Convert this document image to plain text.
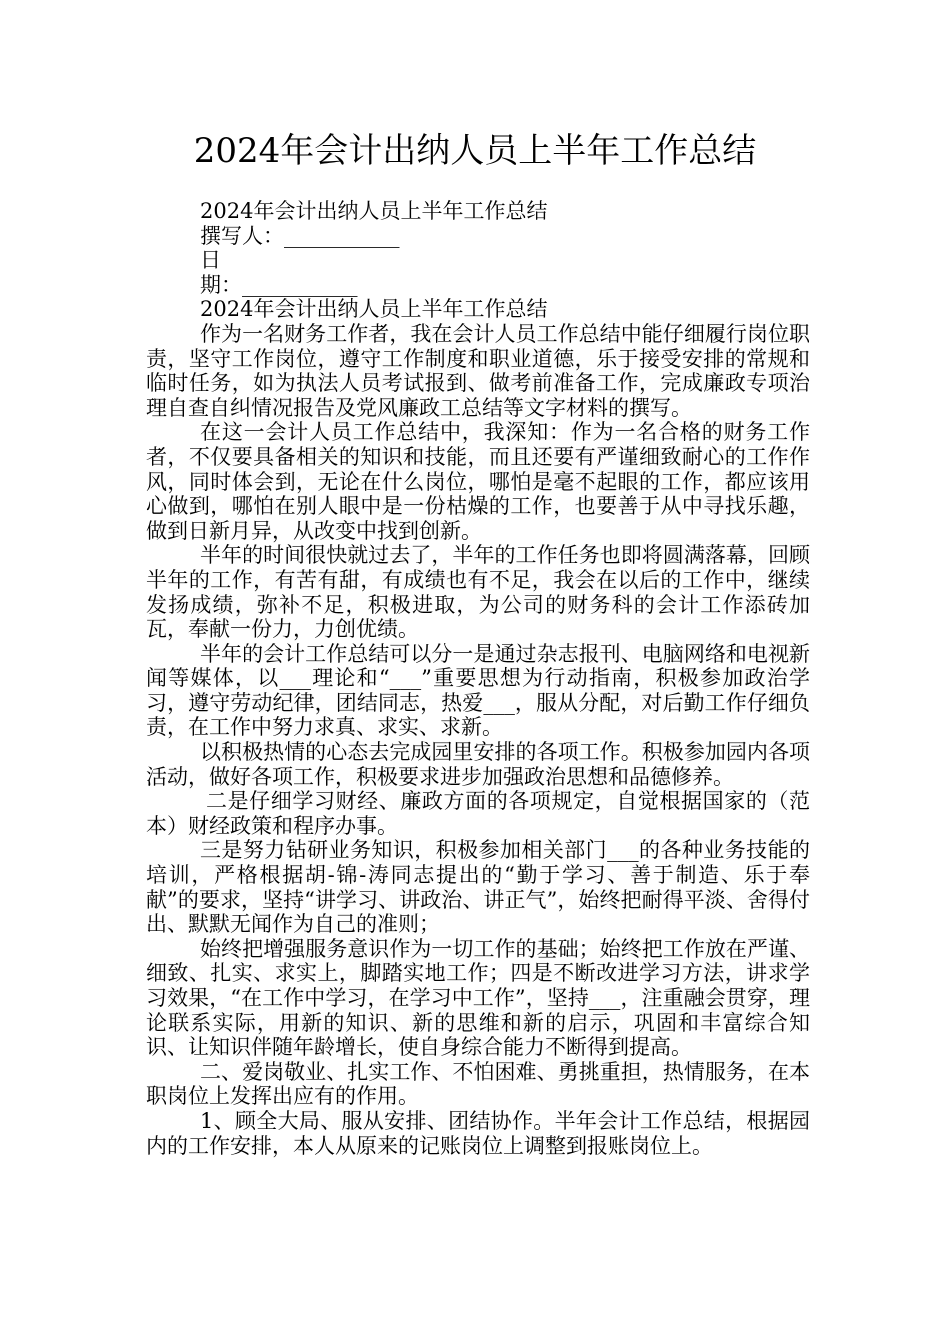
2024年会计出纳人员上半年工作总结
2024年会计出纳人员上半年工作总结
撰写人：___________
日
期：___________
2024年会计出纳人员上半年工作总结

作为一名财务工作者，我在会计人员工作总结中能仔细履行岗位职责，坚守工作岗位，遵守工作制度和职业道德，乐于接受安排的常规和临时任务，如为执法人员考试报到、做考前准备工作，完成廉政专项治理自查自纠情况报告及党风廉政工总结等文字材料的撰写。

在这一会计人员工作总结中，我深知：作为一名合格的财务工作者，不仅要具备相关的知识和技能，而且还要有严谨细致耐心的工作作风，同时体会到，无论在什么岗位，哪怕是毫不起眼的工作，都应该用心做到，哪怕在别人眼中是一份枯燥的工作，也要善于从中寻找乐趣，做到日新月异，从改变中找到创新。

半年的时间很快就过去了，半年的工作任务也即将圆满落幕，回顾半年的工作，有苦有甜，有成绩也有不足，我会在以后的工作中，继续发扬成绩，弥补不足，积极进取，为公司的财务科的会计工作添砖加瓦，奉献一份力，力创优绩。

半年的会计工作总结可以分一是通过杂志报刊、电脑网络和电视新闻等媒体，以___理论和“___”重要思想为行动指南，积极参加政治学习，遵守劳动纪律，团结同志，热爱___，服从分配，对后勤工作仔细负责，在工作中努力求真、求实、求新。

以积极热情的心态去完成园里安排的各项工作。积极参加园内各项活动，做好各项工作，积极要求进步加强政治思想和品德修养。

二是仔细学习财经、廉政方面的各项规定，自觉根据国家的（范本）财经政策和程序办事。

三是努力钻研业务知识，积极参加相关部门___的各种业务技能的培训，严格根据胡-锦-涛同志提出的“勤于学习、善于制造、乐于奉献”的要求，坚持“讲学习、讲政治、讲正气”，始终把耐得平淡、舍得付出、默默无闻作为自己的准则；

始终把增强服务意识作为一切工作的基础；始终把工作放在严谨、细致、扎实、求实上，脚踏实地工作；四是不断改进学习方法，讲求学习效果，“在工作中学习，在学习中工作”，坚持___，注重融会贯穿，理论联系实际，用新的知识、新的思维和新的启示，巩固和丰富综合知识、让知识伴随年龄增长，使自身综合能力不断得到提高。

二、爱岗敬业、扎实工作、不怕困难、勇挑重担，热情服务，在本职岗位上发挥出应有的作用。

1、顾全大局、服从安排、团结协作。半年会计工作总结，根据园内的工作安排，本人从原来的记账岗位上调整到报账岗位上。
